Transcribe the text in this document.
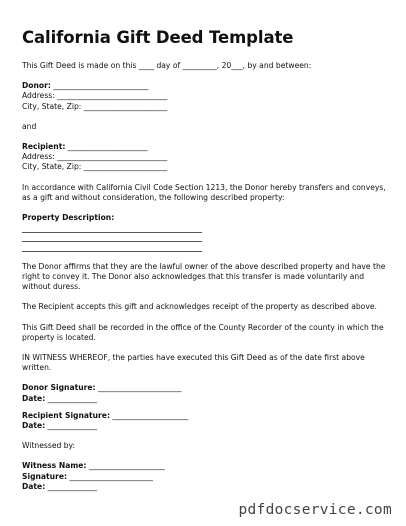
California Gift Deed Template

This Gift Deed is made on this ____ day of _________, 20___, by and between:

Donor: _________________________

Address: _____________________________

City, State, Zip: ______________________

and

Recipient: _____________________

Address: _____________________________

City, State, Zip: ______________________

In accordance with California Civil Code Section 1213, the Donor hereby transfers and conveys, as a gift and without consideration, the following described property:

Property Description:

The Donor affirms that they are the lawful owner of the above described property and have the right to convey it. The Donor also acknowledges that this transfer is made voluntarily and without duress.

The Recipient accepts this gift and acknowledges receipt of the property as described above.

This Gift Deed shall be recorded in the office of the County Recorder of the county in which the property is located.

IN WITNESS WHEREOF, the parties have executed this Gift Deed as of the date first above written.

Donor Signature: ______________________

Date: _____________

Recipient Signature: ____________________

Date: _____________

Witnessed by:

Witness Name: ____________________

Signature: ______________________

Date: _____________

pdfdocservice.com
